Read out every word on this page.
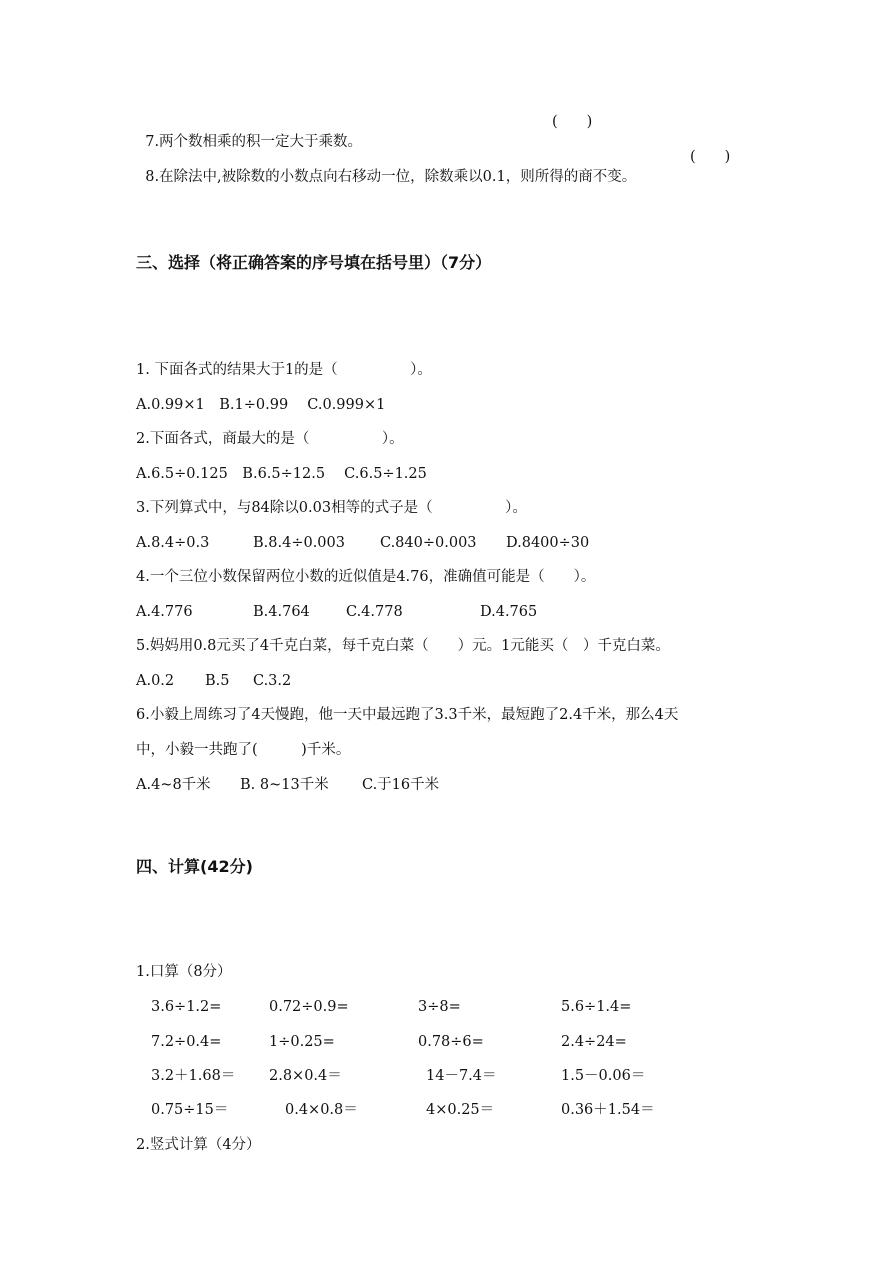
7.两个数相乘的积一定大于乘数。

(　　)

8.在除法中,被除数的小数点向右移动一位，除数乘以0.1，则所得的商不变。

(　　)
三、选择（将正确答案的序号填在括号里）（7分）
1. 下面各式的结果大于1的是（　　　　　）。
A.0.99×1　B.1÷0.99　 C.0.999×1
2.下面各式，商最大的是（　　　　　）。
A.6.5÷0.125　B.6.5÷12.5　 C.6.5÷1.25
3.下列算式中，与84除以0.03相等的式子是（　　　　　）。
A.8.4÷0.3	B.8.4÷0.003 C.840÷0.003 D.8400÷30
4.一个三位小数保留两位小数的近似值是4.76，准确值可能是（　　）。
A.4.776	B.4.764 C.4.778	D.4.765
5.妈妈用0.8元买了4千克白菜，每千克白菜（　　）元。1元能买（　）千克白菜。
A.0.2 B.5 C.3.2
6.小毅上周练习了4天慢跑，他一天中最远跑了3.3千米，最短跑了2.4千米，那么4天
中，小毅一共跑了(　　　)千米。
A.4~8千米 B. 8~13千米 C.于16千米
四、计算(42分)
1.口算（8分）
3.6÷1.2=	0.72÷0.9=	3÷8=	5.6÷1.4=
7.2÷0.4=	1÷0.25=	0.78÷6=	2.4÷24=
3.2＋1.68＝ 2.8×0.4＝	14－7.4＝	1.5－0.06＝
0.75÷15＝	0.4×0.8＝	4×0.25＝	0.36＋1.54＝
2.竖式计算（4分）
